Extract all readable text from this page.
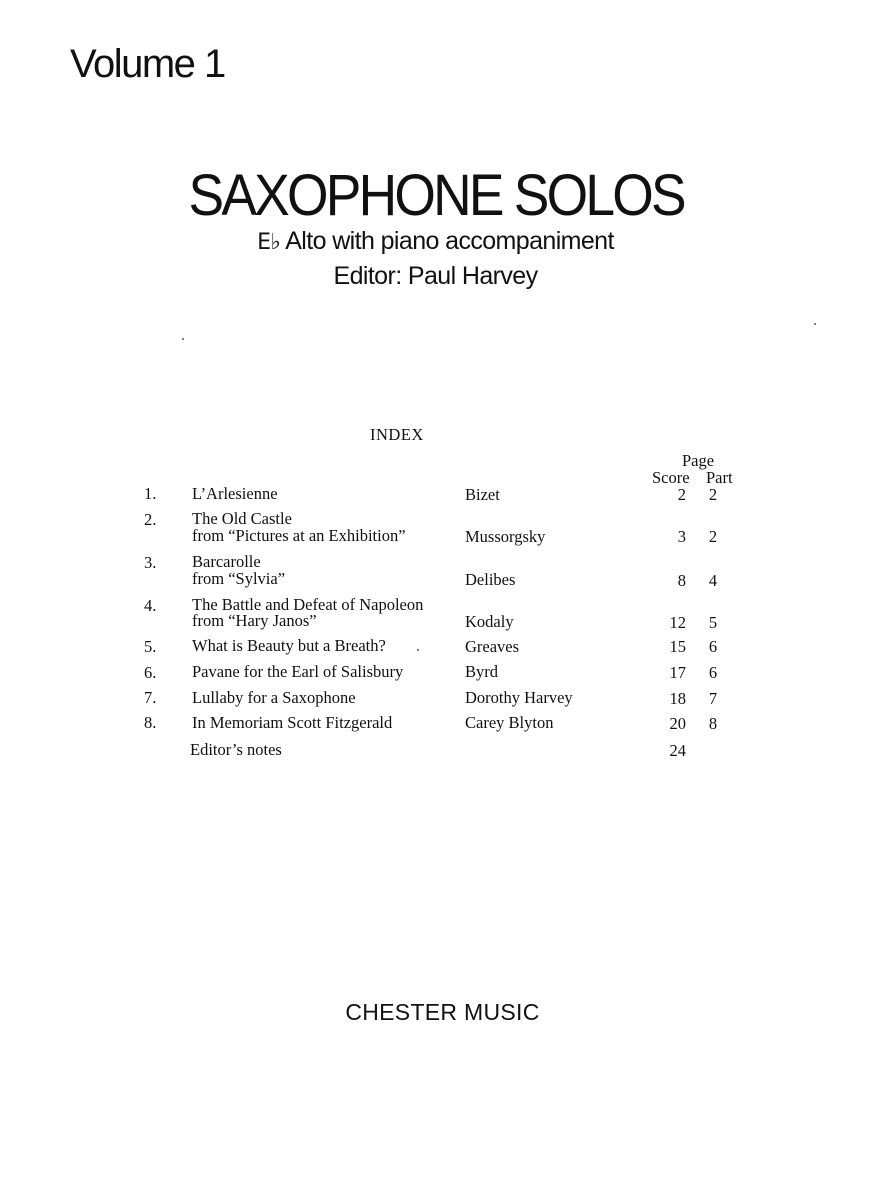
Volume 1
SAXOPHONE SOLOS
E♭ Alto with piano accompaniment
Editor: Paul Harvey
INDEX
Page
Score Part
1. L’Arlesienne	Bizet	2 2
2. The Old Castle
from “Pictures at an Exhibition”	Mussorgsky	3 2
3. Barcarolle
from “Sylvia”	Delibes	8 4
4. The Battle and Defeat of Napoleon
from “Hary Janos”	Kodaly	12 5
5. What is Beauty but a Breath?	Greaves	15 6
6. Pavane for the Earl of Salisbury	Byrd	17 6
7. Lullaby for a Saxophone	Dorothy Harvey	18 7
8. In Memoriam Scott Fitzgerald	Carey Blyton	20 8
Editor’s notes	24
CHESTER MUSIC
